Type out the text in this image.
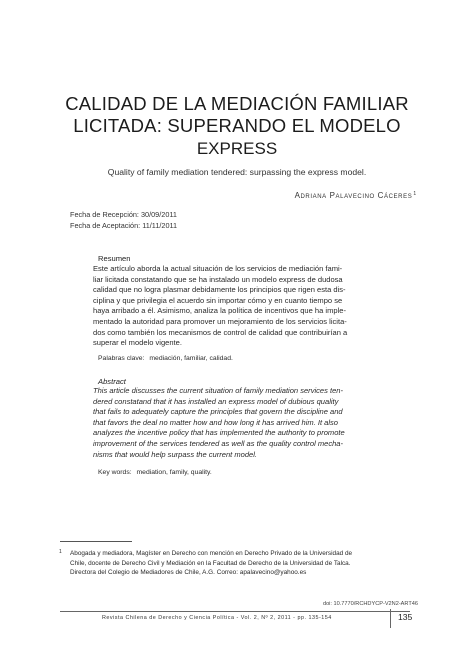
CALIDAD DE LA MEDIACIÓN FAMILIAR
LICITADA: SUPERANDO EL MODELO
EXPRESS
Quality of family mediation tendered: surpassing the express model.
Adriana Palavecino Cáceres$^1$
Fecha de Recepción: 30/09/2011
Fecha de Aceptación: 11/11/2011
Resumen

Este artículo aborda la actual situación de los servicios de mediación fami-

liar licitada constatando que se ha instalado un modelo express de dudosa

calidad que no logra plasmar debidamente los principios que rigen esta dis-

ciplina y que privilegia el acuerdo sin importar cómo y en cuanto tiempo se

haya arribado a él. Asimismo, analiza la política de incentivos que ha imple-

mentado la autoridad para promover un mejoramiento de los servicios licita-

dos como también los mecanismos de control de calidad que contribuirían a

superar el modelo vigente.

Palabras clave: mediación, familiar, calidad.
Abstract

This article discusses the current situation of family mediation services ten-

dered constatand that it has installed an express model of dubious quality

that fails to adequately capture the principles that govern the discipline and

that favors the deal no matter how and how long it has arrived him. It also

analyzes the incentive policy that has implemented the authority to promote

improvement of the services tendered as well as the quality control mecha-

nisms that would help surpass the current model.

Key words: mediation, family, quality.
1 Abogada y mediadora, Magíster en Derecho con mención en Derecho Privado de la Universidad de
Chile, docente de Derecho Civil y Mediación en la Facultad de Derecho de la Universidad de Talca.
Directora del Colegio de Mediadores de Chile, A.G. Correo: apalavecino@yahoo.es
doi: 10.7770/RCHDYCP-V2N2-ART46
Revista Chilena de Derecho y Ciencia Política - Vol. 2, Nº 2, 2011 - pp. 135-154	135
